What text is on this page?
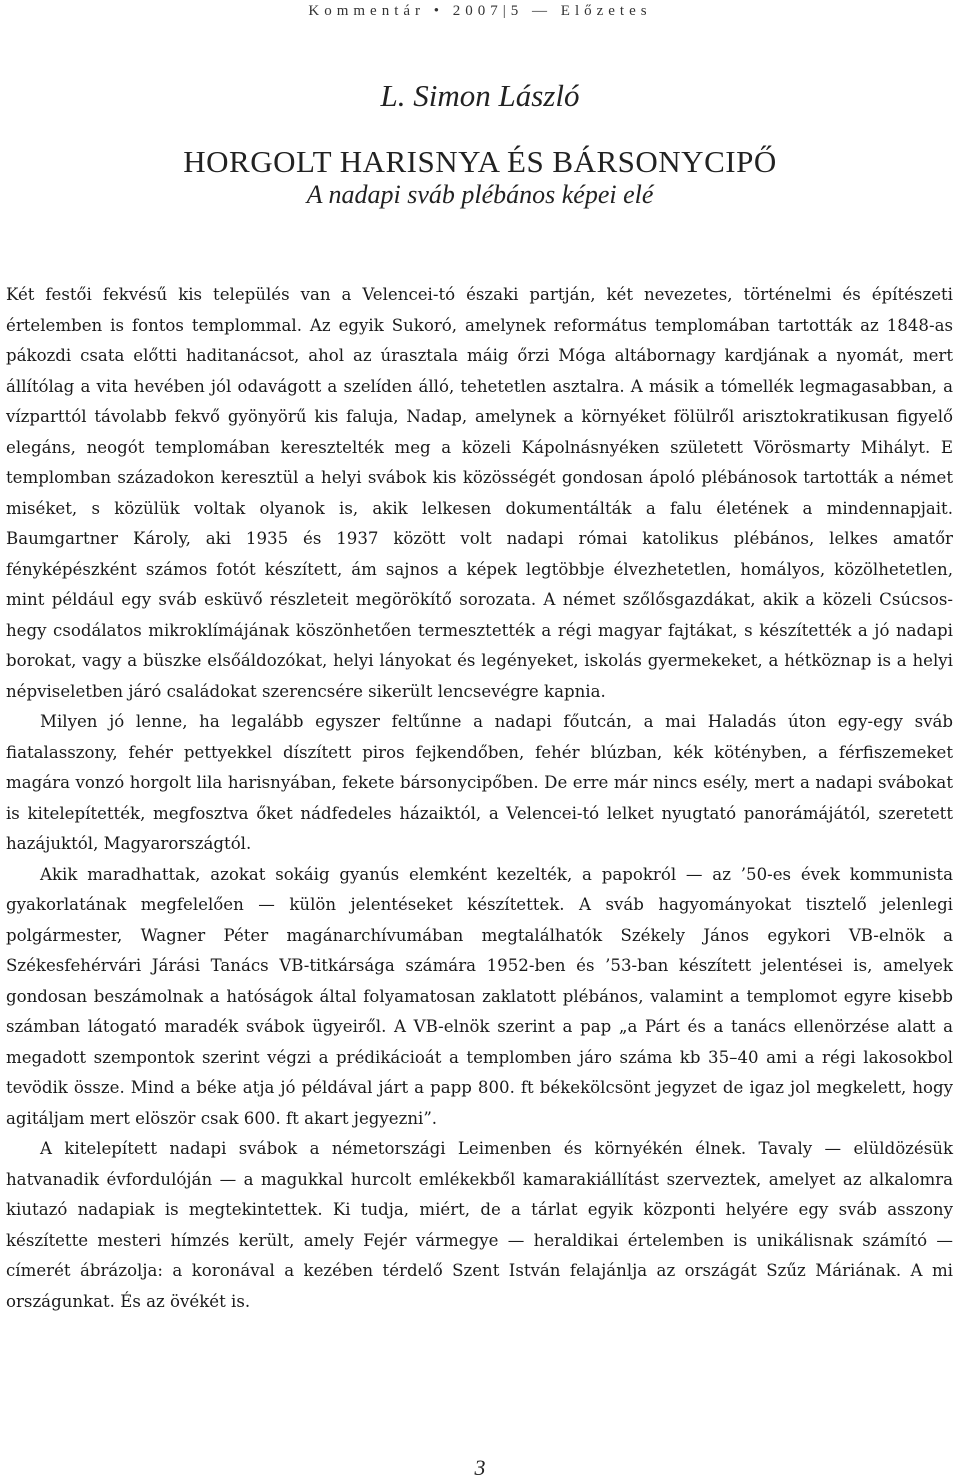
Kommentár • 2007|5 — Előzetes
L. Simon László
HORGOLT HARISNYA ÉS BÁRSONYCIPŐ
A nadapi sváb plébános képei elé

Két festői fekvésű kis település van a Velencei-tó északi partján, két nevezetes, történelmi és építészeti értelemben is fontos templommal. Az egyik Sukoró, amelynek református templomában tartották az 1848-as pákozdi csata előtti haditanácsot, ahol az úrasztala máig őrzi Móga altábornagy kardjának a nyomát, mert állítólag a vita hevében jól odavágott a szelíden álló, tehetetlen asztalra. A másik a tómellék legmagasabban, a vízparttól távolabb fekvő gyönyörű kis faluja, Nadap, amelynek a környéket fölülről arisztokratikusan figyelő elegáns, neogót templomában keresztelték meg a közeli Kápolnásnyéken született Vörösmarty Mihályt. E templomban századokon keresztül a helyi svábok kis közösségét gondosan ápoló plébánosok tartották a német miséket, s közülük voltak olyanok is, akik lelkesen dokumentálták a falu életének a mindennapjait. Baumgartner Károly, aki 1935 és 1937 között volt nadapi római katolikus plébános, lelkes amatőr fényképészként számos fotót készített, ám sajnos a képek legtöbbje élvezhetetlen, homályos, közölhetetlen, mint például egy sváb esküvő részleteit megörökítő sorozata. A német szőlősgazdákat, akik a közeli Csúcsos-hegy csodálatos mikroklímájának köszönhetően termesztették a régi magyar fajtákat, s készítették a jó nadapi borokat, vagy a büszke elsőáldozókat, helyi lányokat és legényeket, iskolás gyermekeket, a hétköznap is a helyi népviseletben járó családokat szerencsére sikerült lencsevégre kapnia.

Milyen jó lenne, ha legalább egyszer feltűnne a nadapi főutcán, a mai Haladás úton egy-egy sváb fiatalasszony, fehér pettyekkel díszített piros fejkendőben, fehér blúzban, kék kötényben, a férfiszemeket magára vonzó horgolt lila harisnyában, fekete bársonycipőben. De erre már nincs esély, mert a nadapi svábokat is kitelepítették, megfosztva őket nádfedeles házaiktól, a Velencei-tó lelket nyugtató panorámájától, szeretett hazájuktól, Magyarországtól.

Akik maradhattak, azokat sokáig gyanús elemként kezelték, a papokról — az ’50-es évek kommunista gyakorlatának megfelelően — külön jelentéseket készítettek. A sváb hagyományokat tisztelő jelenlegi polgármester, Wagner Péter magánarchívumában megtalálhatók Székely János egykori VB-elnök a Székesfehérvári Járási Tanács VB-titkársága számára 1952-ben és ’53-ban készített jelentései is, amelyek gondosan beszámolnak a hatóságok által folyamatosan zaklatott plébános, valamint a templomot egyre kisebb számban látogató maradék svábok ügyeiről. A VB-elnök szerint a pap „a Párt és a tanács ellenörzése alatt a megadott szempontok szerint végzi a prédikácioát a templomben járo száma kb 35–40 ami a régi lakosokbol tevödik össze. Mind a béke atja jó példával járt a papp 800. ft békekölcsönt jegyzet de igaz jol megkelett, hogy agitáljam mert elöször csak 600. ft akart jegyezni”.

A kitelepített nadapi svábok a németországi Leimenben és környékén élnek. Tavaly — elüldözésük hatvanadik évfordulóján — a magukkal hurcolt emlékekből kamarakiállítást szerveztek, amelyet az alkalomra kiutazó nadapiak is megtekintettek. Ki tudja, miért, de a tárlat egyik központi helyére egy sváb asszony készítette mesteri hímzés került, amely Fejér vármegye — heraldikai értelemben is unikálisnak számító — címerét ábrázolja: a koronával a kezében térdelő Szent István felajánlja az országát Szűz Máriának. A mi országunkat. És az övékét is.

3
